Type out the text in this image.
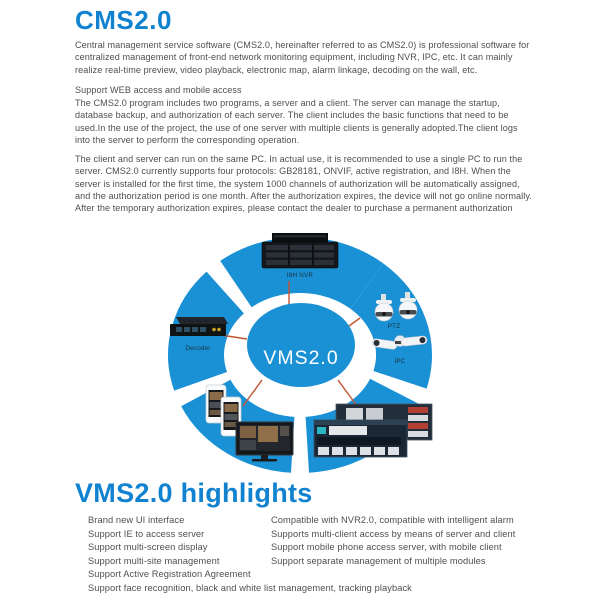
CMS2.0

Central management service software (CMS2.0, hereinafter referred to as CMS2.0) is professional software for centralized management of front-end network monitoring equipment, including NVR, IPC, etc. It can mainly realize real-time preview, video playback, electronic map, alarm linkage, decoding on the wall, etc.

Support WEB access and mobile access

The CMS2.0 program includes two programs, a server and a client. The server can manage the startup, database backup, and authorization of each server. The client includes the basic functions that need to be used.In the use of the project, the use of one server with multiple clients is generally adopted.The client logs into the server to perform the corresponding operation.

The client and server can run on the same PC. In actual use, it is recommended to use a single PC to run the server. CMS2.0 currently supports four protocols: GB28181, ONVIF, active registration, and I8H. When the server is installed for the first time, the system 1000 channels of authorization will be automatically assigned, and the authorization period is one month. After the authorization expires, the device will not go online normally. After the temporary authorization expires, please contact the dealer to purchase a permanent authorization

VMS2.0
I8H NVR
Decoder
PTZ
IPC
VMS2.0 highlights
Brand new UI interface
Support IE to access server
Support multi-screen display
Support multi-site management
Support Active Registration Agreement
Compatible with NVR2.0, compatible with intelligent alarm
Supports multi-client access by means of server and client
Support mobile phone access server, with mobile client
Support separate management of multiple modules
Support face recognition, black and white list management, tracking playback
